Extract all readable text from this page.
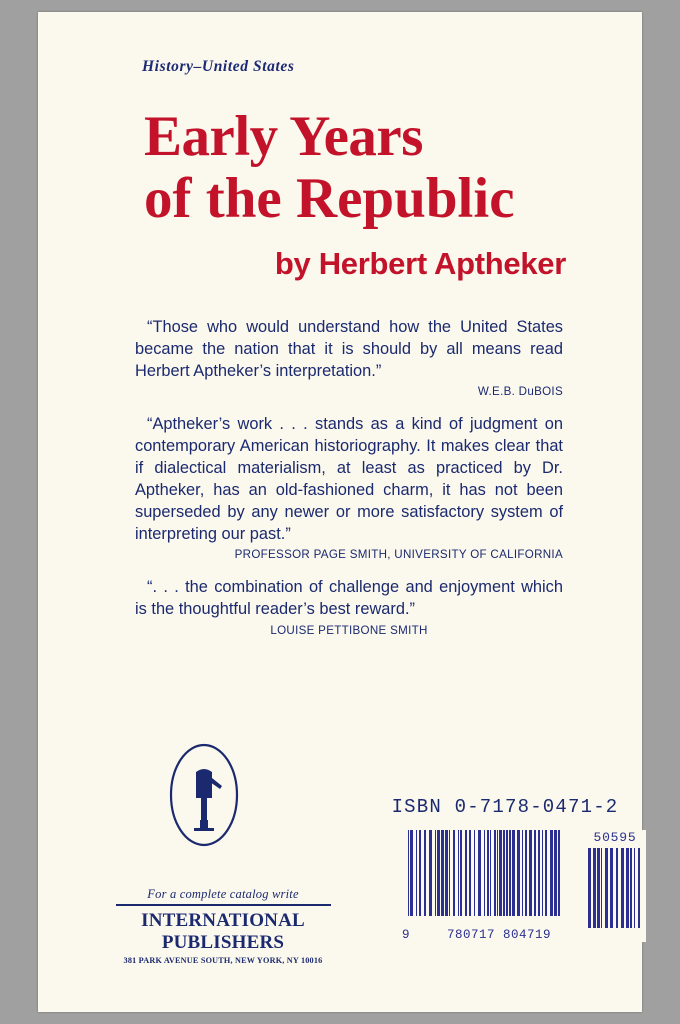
History–United States
Early Years
of the Republic
by Herbert Aptheker

“Those who would understand how the United States became the nation that it is should by all means read Herbert Aptheker’s interpretation.”

W.E.B. DuBOIS

“Aptheker’s work . . . stands as a kind of judgment on contemporary American historiography. It makes clear that if dialectical materialism, at least as practiced by Dr. Aptheker, has an old-fashioned charm, it has not been superseded by any newer or more satisfactory system of interpreting our past.”

PROFESSOR PAGE SMITH, UNIVERSITY OF CALIFORNIA

“. . . the combination of challenge and enjoyment which is the thoughtful reader’s best reward.”

LOUISE PETTIBONE SMITH
For a complete catalog write
INTERNATIONAL PUBLISHERS
381 PARK AVENUE SOUTH, NEW YORK, NY 10016
ISBN 0-7178-0471-2
9	780717 804719
50595
